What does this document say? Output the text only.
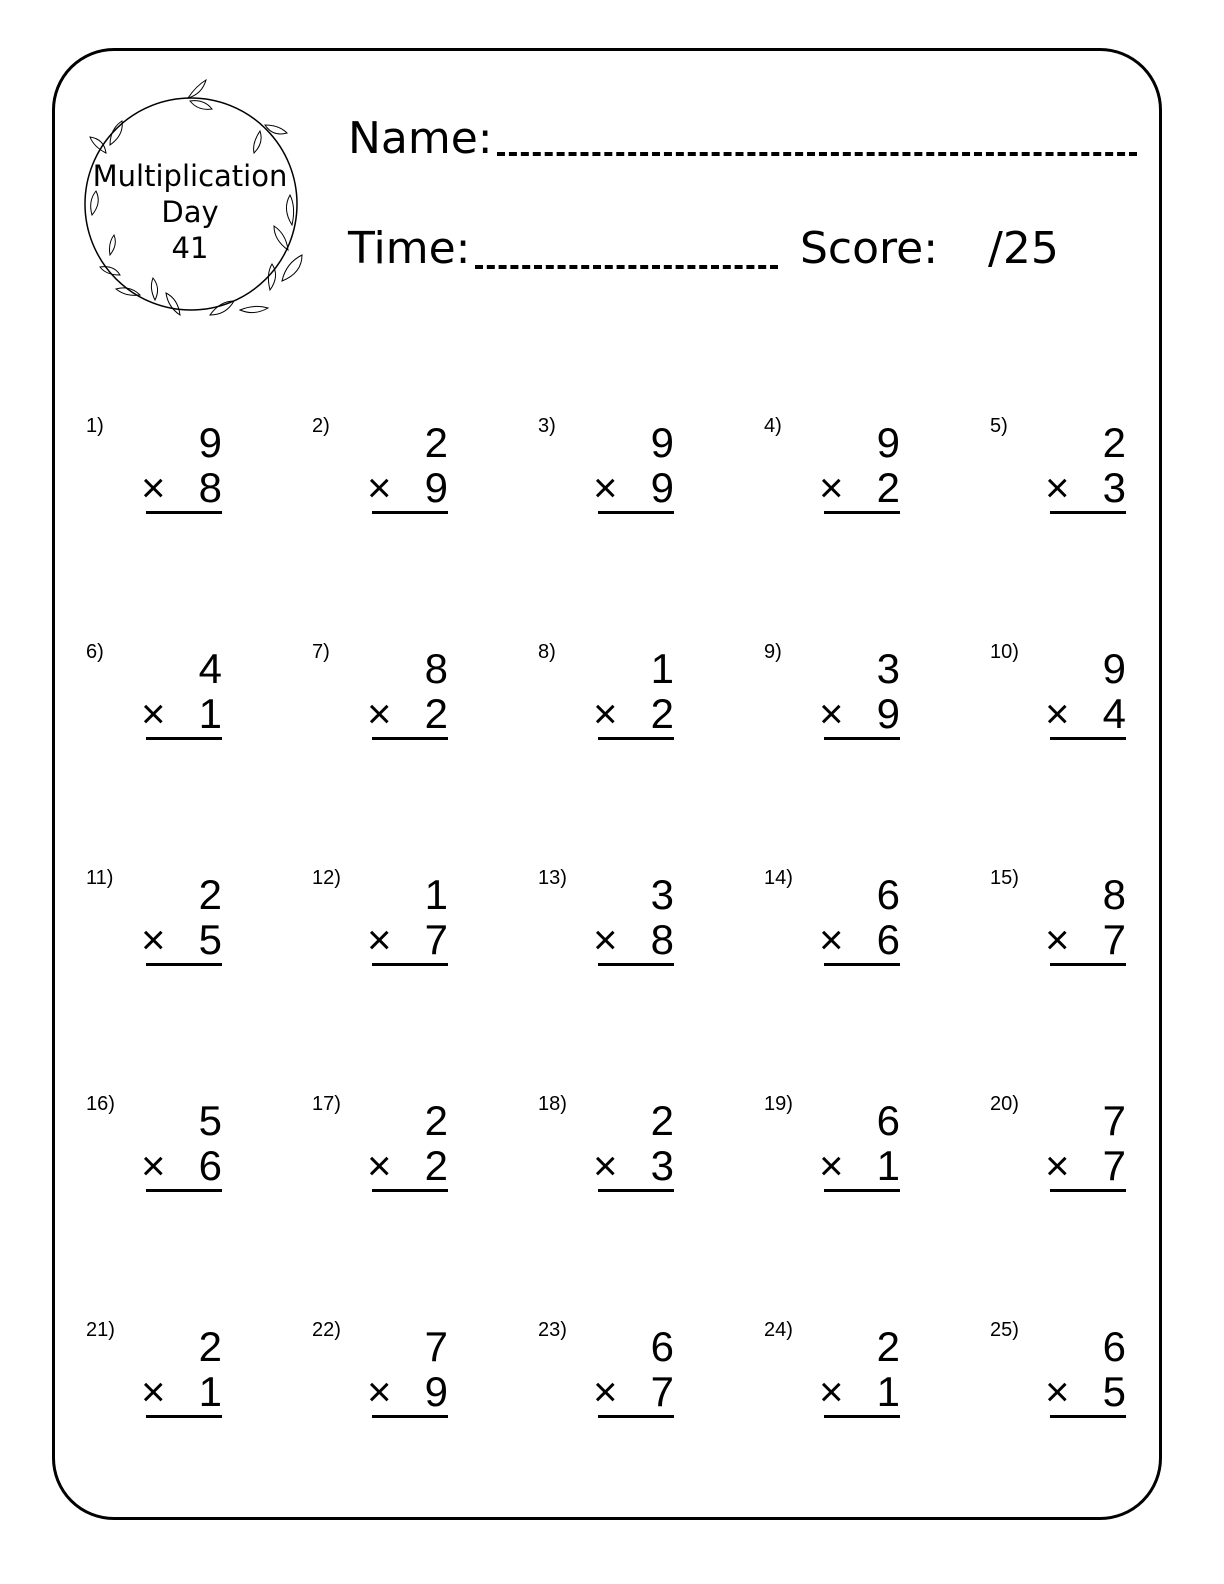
Multiplication
Day
41
Name:
Time:	Score: /25
1)	9
× 8
2)	2
× 9
3)	9
× 9
4)	9
× 2
5)	2
× 3
6)	4
× 1
7)	8
× 2
8)	1
× 2
9)	3
× 9
10)	9
× 4
11)	2
× 5
12)	1
× 7
13)	3
× 8
14)	6
× 6
15)	8
× 7
16)	5
× 6
17)	2
× 2
18)	2
× 3
19)	6
× 1
20)	7
× 7
21)	2
× 1
22)	7
× 9
23)	6
× 7
24)	2
× 1
25)	6
× 5
